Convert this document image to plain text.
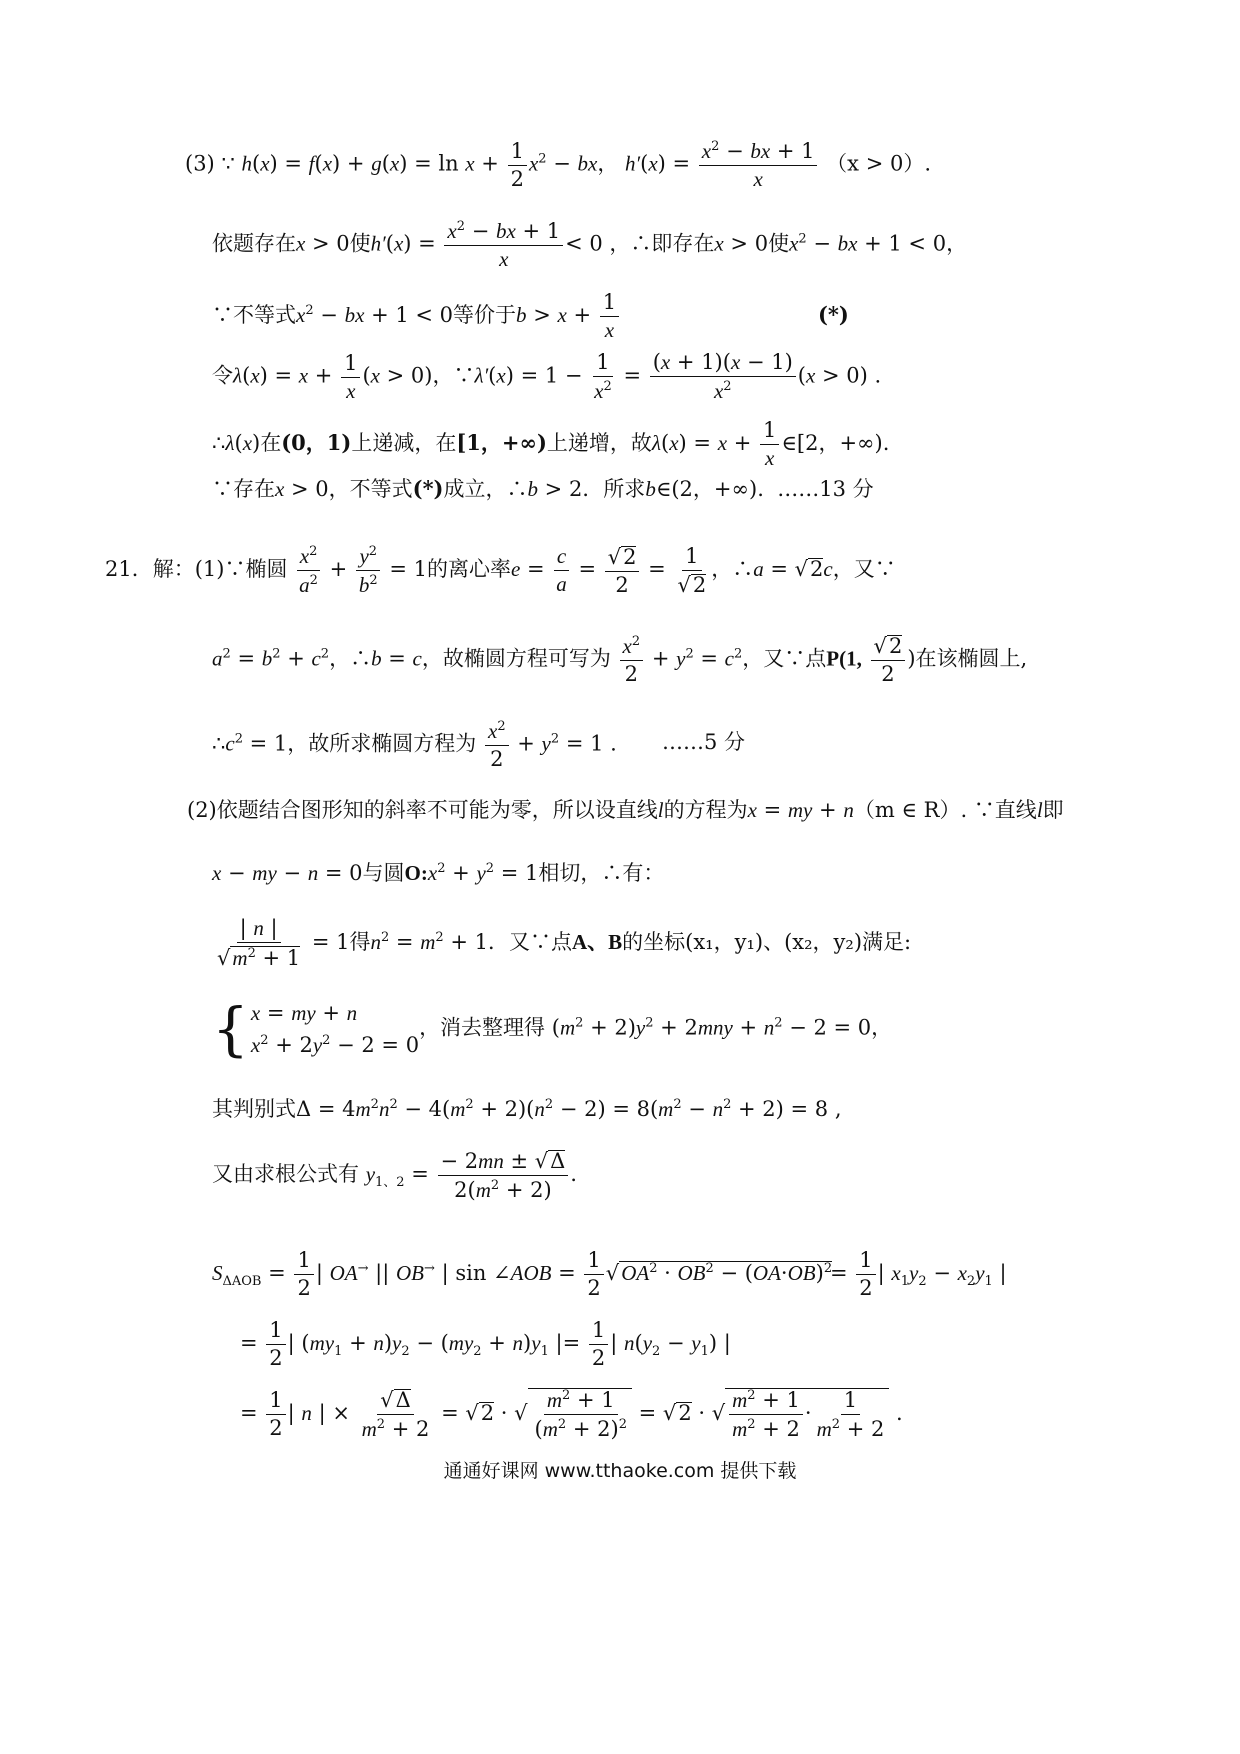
(3) ∵ $h(x) = f(x) + g(x) = \ln x + \frac{1}{2} x^2$ − bx， $h'(x) = \frac{x^2 - bx + 1}{x} (x > 0)$.
依题存在x > 0使$h'(x) = \frac{x^2 - bx + 1}{x} < 0$ ，∴即存在x > 0使$x^2$ − bx + 1 < 0，
∵不等式$x^2$ − bx + 1 < 0等价于$b > x + \frac{1}{x}$	(*)
令$\lambda(x) = x + \frac{1}{x} (x > 0)$，∵λ′(x) = $1 - \frac{1}{x^2} = \frac{(x + 1)(x - 1)}{x^2} (x > 0)$ .
∴λ(x)在(0，1)上递减，在[1，+∞)上递增，故$\lambda(x) = x + \frac{1}{x}$ ∈[2，+∞).
∵存在x > 0，不等式(*)成立，∴b > 2．所求b∈(2，+∞). ……13 分
21．解：(1)∵椭圆 $\frac{x^2}{a^2} + \frac{y^2}{b^2} = 1$的离心率$e = \frac{c}{a}$ = √ $\frac{2}{2} = 1$
√ 2 ，∴a = √ 2c，又∵
$a^2 = b^2 + c^2$，∴b = c，故椭圆方程可写为 $\frac{x^2}{2} + y^2 = c^2$，又∵点P(1, √ $\frac{2}{2}$ )在该椭圆上,
$\therefore c^2 = 1$，故所求椭圆方程为 $\frac{x^2}{2} + y^2 = 1$ . ……5 分
(2)依题结合图形知的斜率不可能为零，所以设直线l的方程为x = my + n（m ∈ R）. ∵直线l即
x − my − n = 0与圆$O:x^2 + y^2 = 1$相切，∴有：
| n |
√ $m^2 + 1 = 1$得$n^2 = m^2 + 1$．又∵点A、B的坐标(x₁，y₁)、(x₂，y₂)满足:
{ x = my + n
$x^2 + 2y^2 - 2 = 0$
，消去整理得 $(m^2 + 2)y^2 + 2mny + n^2 - 2 = 0$，
其判别式$\Delta = 4m^2n^2 - 4(m^2 + 2)(n^2 - 2) = 8(m^2 - n^2 + 2) = 8$ ,
又由求根公式有 $y_{1、2} = \frac{- 2mn \pm √ \Delta}{2(m^2 + 2)}$ ．
$S_{\Delta AOB} = \frac{1}{2}$ | OA→ || OB→ | sin ∠AOB = $\frac{1}{2}$ √ $OA^2 \cdot OB^2 - (OA\cdot OB)^2$
= $\frac{1}{2}$ | $x_1y_2 - x_2y_1$ |
= $\frac{1}{2}$ | $(my_1 + n)y_2 - (my_2 + n)y_1$ |= $\frac{1}{2}$ | $n(y_2 - y_1)$ |
= $\frac{1}{2}$ | n | × √ $\frac{\Delta}{m^2 + 2}$ = √ 2 · √ $\frac{m^2 + 1}{(m^2 + 2)^2}$ = √ 2 · √ $\frac{m^2 + 1}{m^2 + 2} \cdot \frac{1}{m^2 + 2}$ .
通通好课网 www.tthaoke.com 提供下载
